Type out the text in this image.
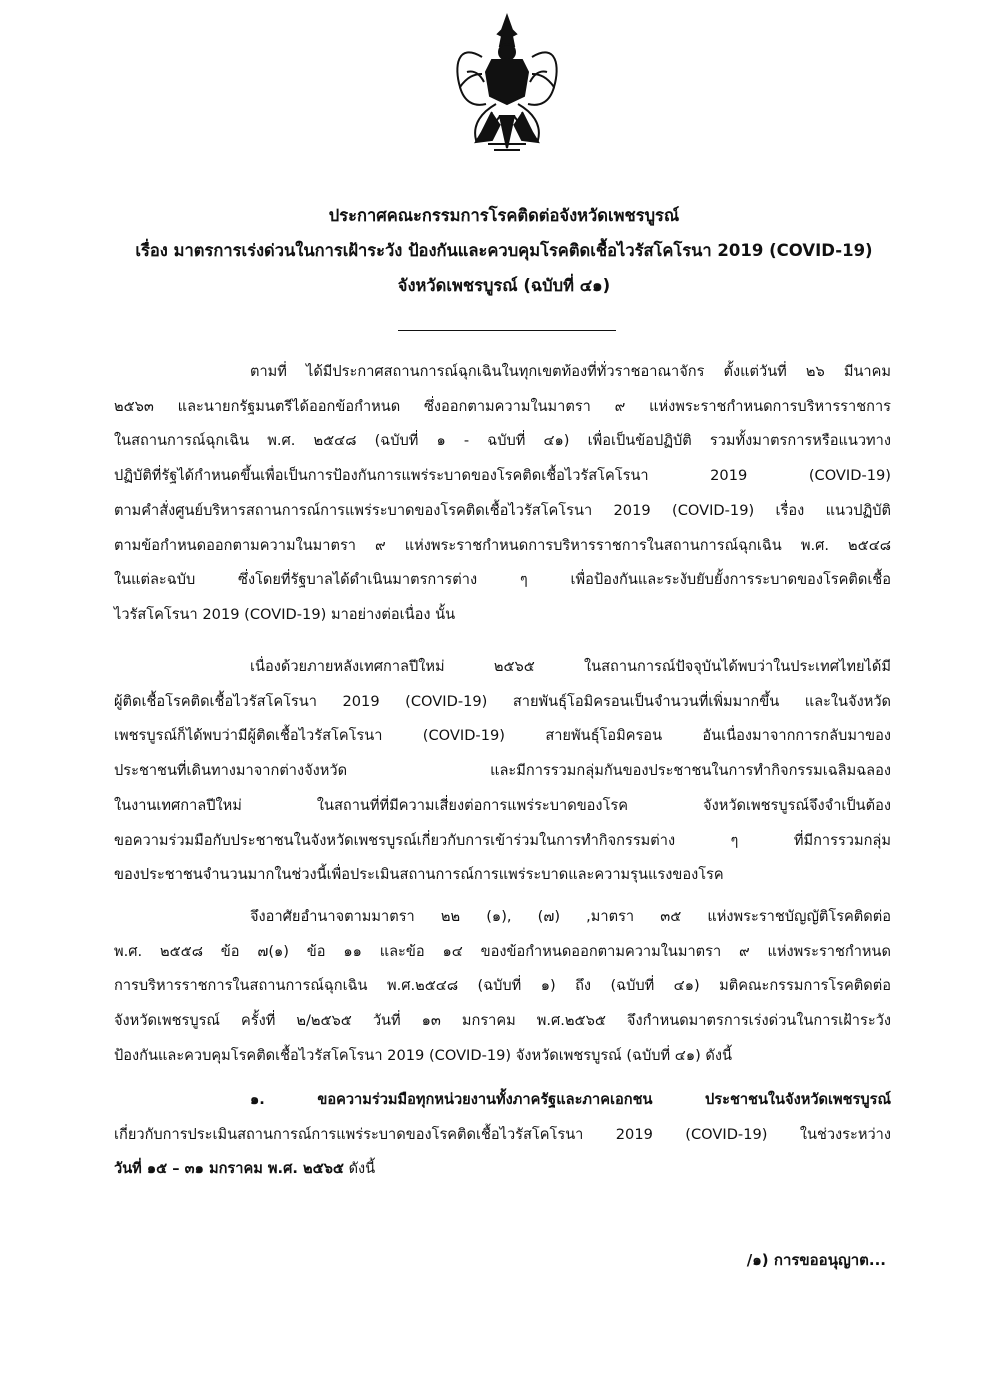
ประกาศคณะกรรมการโรคติดต่อจังหวัดเพชรบูรณ์
เรื่อง มาตรการเร่งด่วนในการเฝ้าระวัง ป้องกันและควบคุมโรคติดเชื้อไวรัสโคโรนา 2019 (COVID-19)
จังหวัดเพชรบูรณ์ (ฉบับที่ ๔๑)
ตามที่ ได้มีประกาศสถานการณ์ฉุกเฉินในทุกเขตท้องที่ทั่วราชอาณาจักร ตั้งแต่วันที่ ๒๖ มีนาคม
๒๕๖๓ และนายกรัฐมนตรีได้ออกข้อกำหนด ซึ่งออกตามความในมาตรา ๙ แห่งพระราชกำหนดการบริหารราชการ
ในสถานการณ์ฉุกเฉิน พ.ศ. ๒๕๔๘ (ฉบับที่ ๑ - ฉบับที่ ๔๑) เพื่อเป็นข้อปฏิบัติ รวมทั้งมาตรการหรือแนวทาง
ปฏิบัติที่รัฐได้กำหนดขึ้นเพื่อเป็นการป้องกันการแพร่ระบาดของโรคติดเชื้อไวรัสโคโรนา 2019 (COVID-19)
ตามคำสั่งศูนย์บริหารสถานการณ์การแพร่ระบาดของโรคติดเชื้อไวรัสโคโรนา 2019 (COVID-19) เรื่อง แนวปฏิบัติ
ตามข้อกำหนดออกตามความในมาตรา ๙ แห่งพระราชกำหนดการบริหารราชการในสถานการณ์ฉุกเฉิน พ.ศ. ๒๕๔๘
ในแต่ละฉบับ ซึ่งโดยที่รัฐบาลได้ดำเนินมาตรการต่าง ๆ เพื่อป้องกันและระงับยับยั้งการระบาดของโรคติดเชื้อ
ไวรัสโคโรนา 2019 (COVID-19) มาอย่างต่อเนื่อง นั้น
เนื่องด้วยภายหลังเทศกาลปีใหม่ ๒๕๖๕ ในสถานการณ์ปัจจุบันได้พบว่าในประเทศไทยได้มี
ผู้ติดเชื้อโรคติดเชื้อไวรัสโคโรนา 2019 (COVID-19) สายพันธุ์โอมิครอนเป็นจำนวนที่เพิ่มมากขึ้น และในจังหวัด
เพชรบูรณ์ก็ได้พบว่ามีผู้ติดเชื้อไวรัสโคโรนา (COVID-19) สายพันธุ์โอมิครอน อันเนื่องมาจากการกลับมาของ
ประชาชนที่เดินทางมาจากต่างจังหวัด และมีการรวมกลุ่มกันของประชาชนในการทำกิจกรรมเฉลิมฉลอง
ในงานเทศกาลปีใหม่ ในสถานที่ที่มีความเสี่ยงต่อการแพร่ระบาดของโรค จังหวัดเพชรบูรณ์จึงจำเป็นต้อง
ขอความร่วมมือกับประชาชนในจังหวัดเพชรบูรณ์เกี่ยวกับการเข้าร่วมในการทำกิจกรรมต่าง ๆ ที่มีการรวมกลุ่ม
ของประชาชนจำนวนมากในช่วงนี้เพื่อประเมินสถานการณ์การแพร่ระบาดและความรุนแรงของโรค
จึงอาศัยอำนาจตามมาตรา ๒๒ (๑), (๗) ,มาตรา ๓๕ แห่งพระราชบัญญัติโรคติดต่อ
พ.ศ. ๒๕๕๘ ข้อ ๗(๑) ข้อ ๑๑ และข้อ ๑๔ ของข้อกำหนดออกตามความในมาตรา ๙ แห่งพระราชกำหนด
การบริหารราชการในสถานการณ์ฉุกเฉิน พ.ศ.๒๕๔๘ (ฉบับที่ ๑) ถึง (ฉบับที่ ๔๑) มติคณะกรรมการโรคติดต่อ
จังหวัดเพชรบูรณ์ ครั้งที่ ๒/๒๕๖๕ วันที่ ๑๓ มกราคม พ.ศ.๒๕๖๕ จึงกำหนดมาตรการเร่งด่วนในการเฝ้าระวัง
ป้องกันและควบคุมโรคติดเชื้อไวรัสโคโรนา 2019 (COVID-19) จังหวัดเพชรบูรณ์ (ฉบับที่ ๔๑) ดังนี้
๑. ขอความร่วมมือทุกหน่วยงานทั้งภาครัฐและภาคเอกชน ประชาชนในจังหวัดเพชรบูรณ์
เกี่ยวกับการประเมินสถานการณ์การแพร่ระบาดของโรคติดเชื้อไวรัสโคโรนา 2019 (COVID-19) ในช่วงระหว่าง
วันที่ ๑๕ – ๓๑ มกราคม พ.ศ. ๒๕๖๕ ดังนี้
/๑) การขออนุญาต...
